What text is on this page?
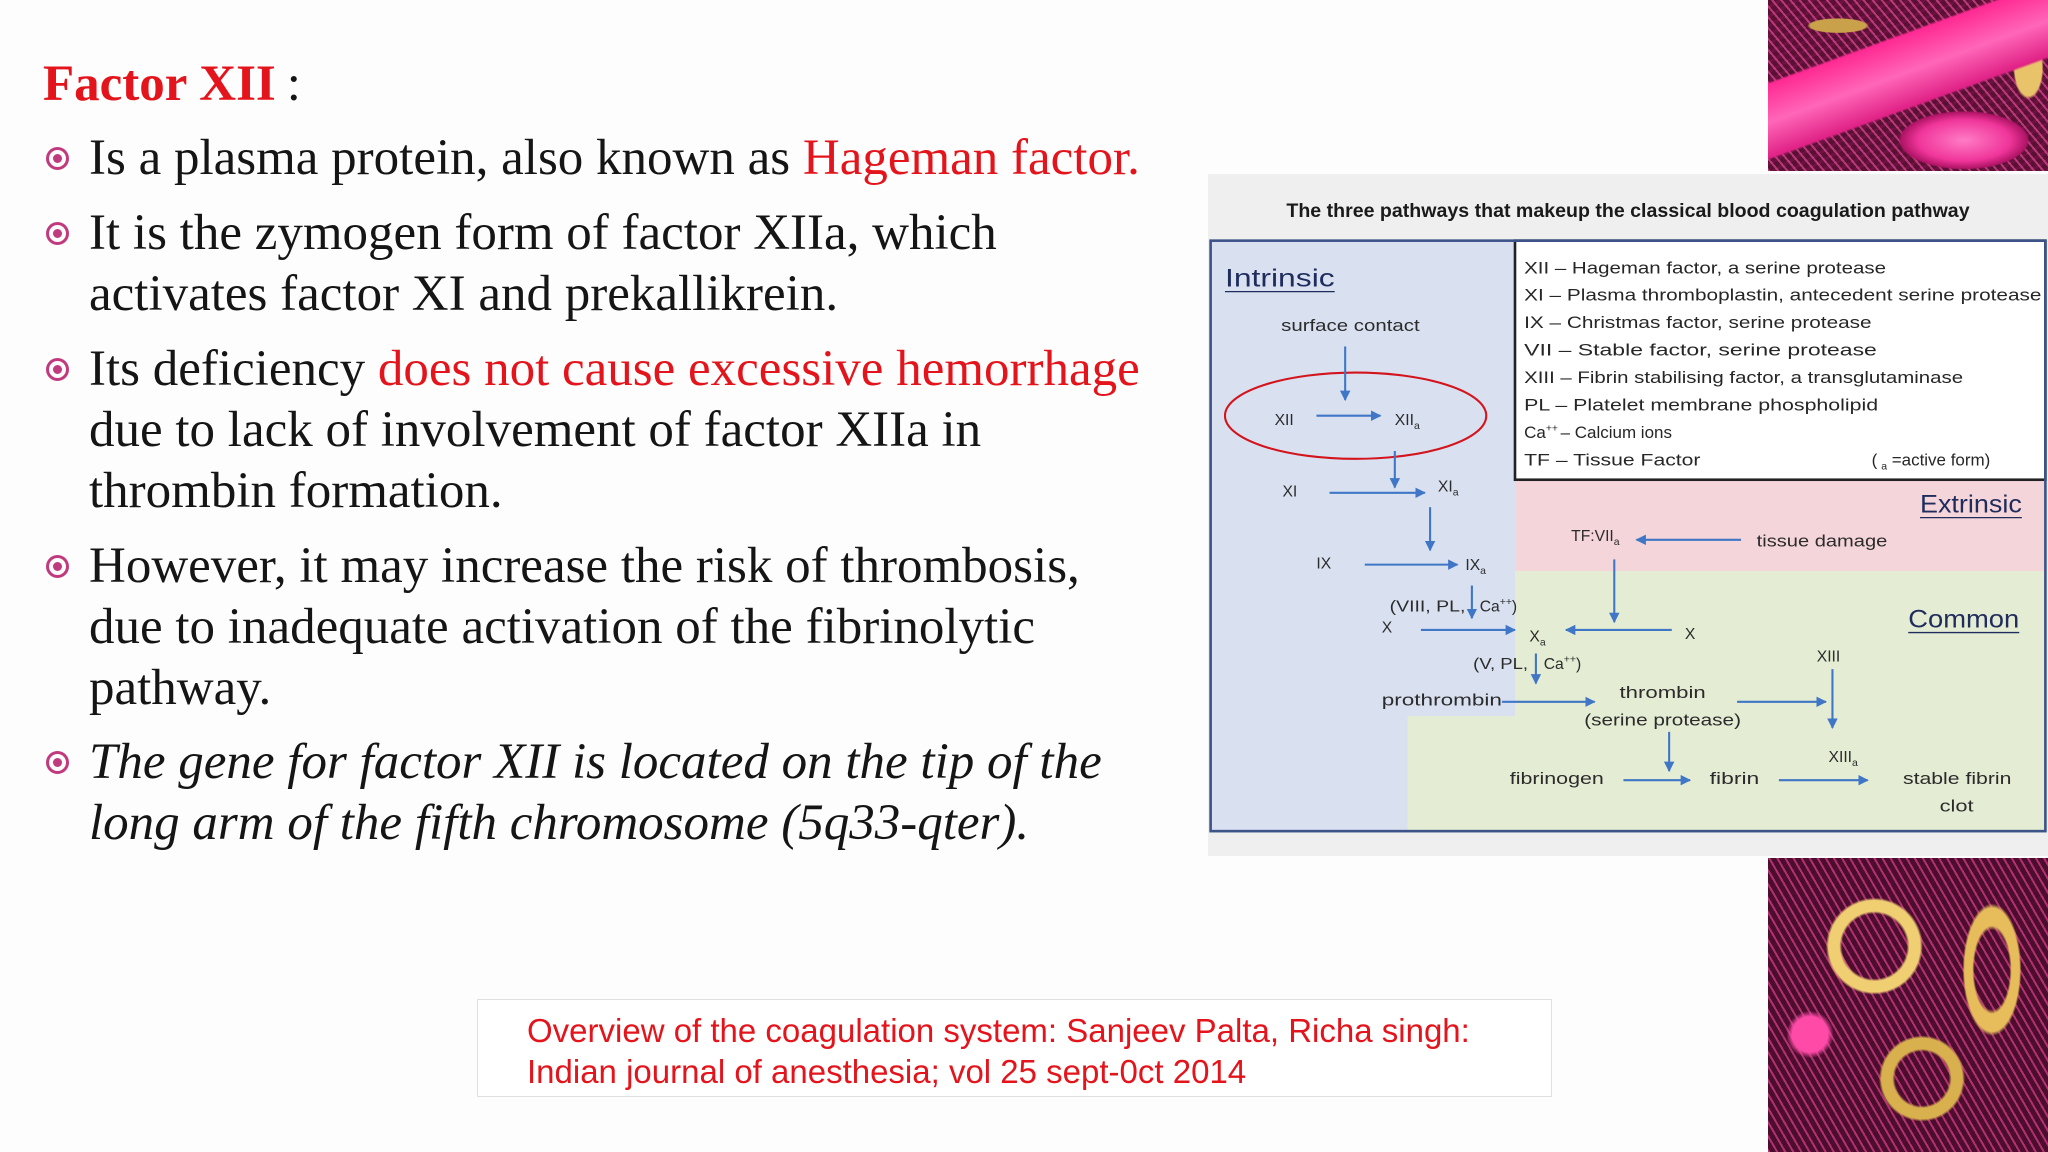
Factor XII :
Is a plasma protein, also known as Hageman factor.
It is the zymogen form of factor XIIa, which
activates factor XI and prekallikrein.
Its deficiency does not cause excessive hemorrhage
due to lack of involvement of factor XIIa in
thrombin formation.
However, it may increase the risk of thrombosis,
due to inadequate activation of the fibrinolytic
pathway.
The gene for factor XII is located on the tip of the
long arm of the fifth chromosome (5q33-qter).
The three pathways that makeup the classical blood coagulation pathway
Intrinsic
Extrinsic
Common
XII – Hageman factor, a serine protease
XI – Plasma thromboplastin, antecedent serine protease
IX – Christmas factor, serine protease
VII – Stable factor, serine protease
XIII – Fibrin stabilising factor, a transglutaminase
PL – Platelet membrane phospholipid
Ca++ – Calcium ions
TF – Tissue Factor	( $_a$ =active form)
surface contact
XII	$XII_a$
XI	$XI_a$
IX	$IX_a$
(VIII, PL, Ca++)
X
$X_a$
X
$TF:VII_a$	tissue damage
(V, PL, Ca++)
prothrombin	thrombin
(serine protease)
XIII
$XIII_a$
fibrinogen	fibrin	stable fibrin
clot
Overview of the coagulation system: Sanjeev Palta, Richa singh:
Indian journal of anesthesia; vol 25 sept-0ct 2014
